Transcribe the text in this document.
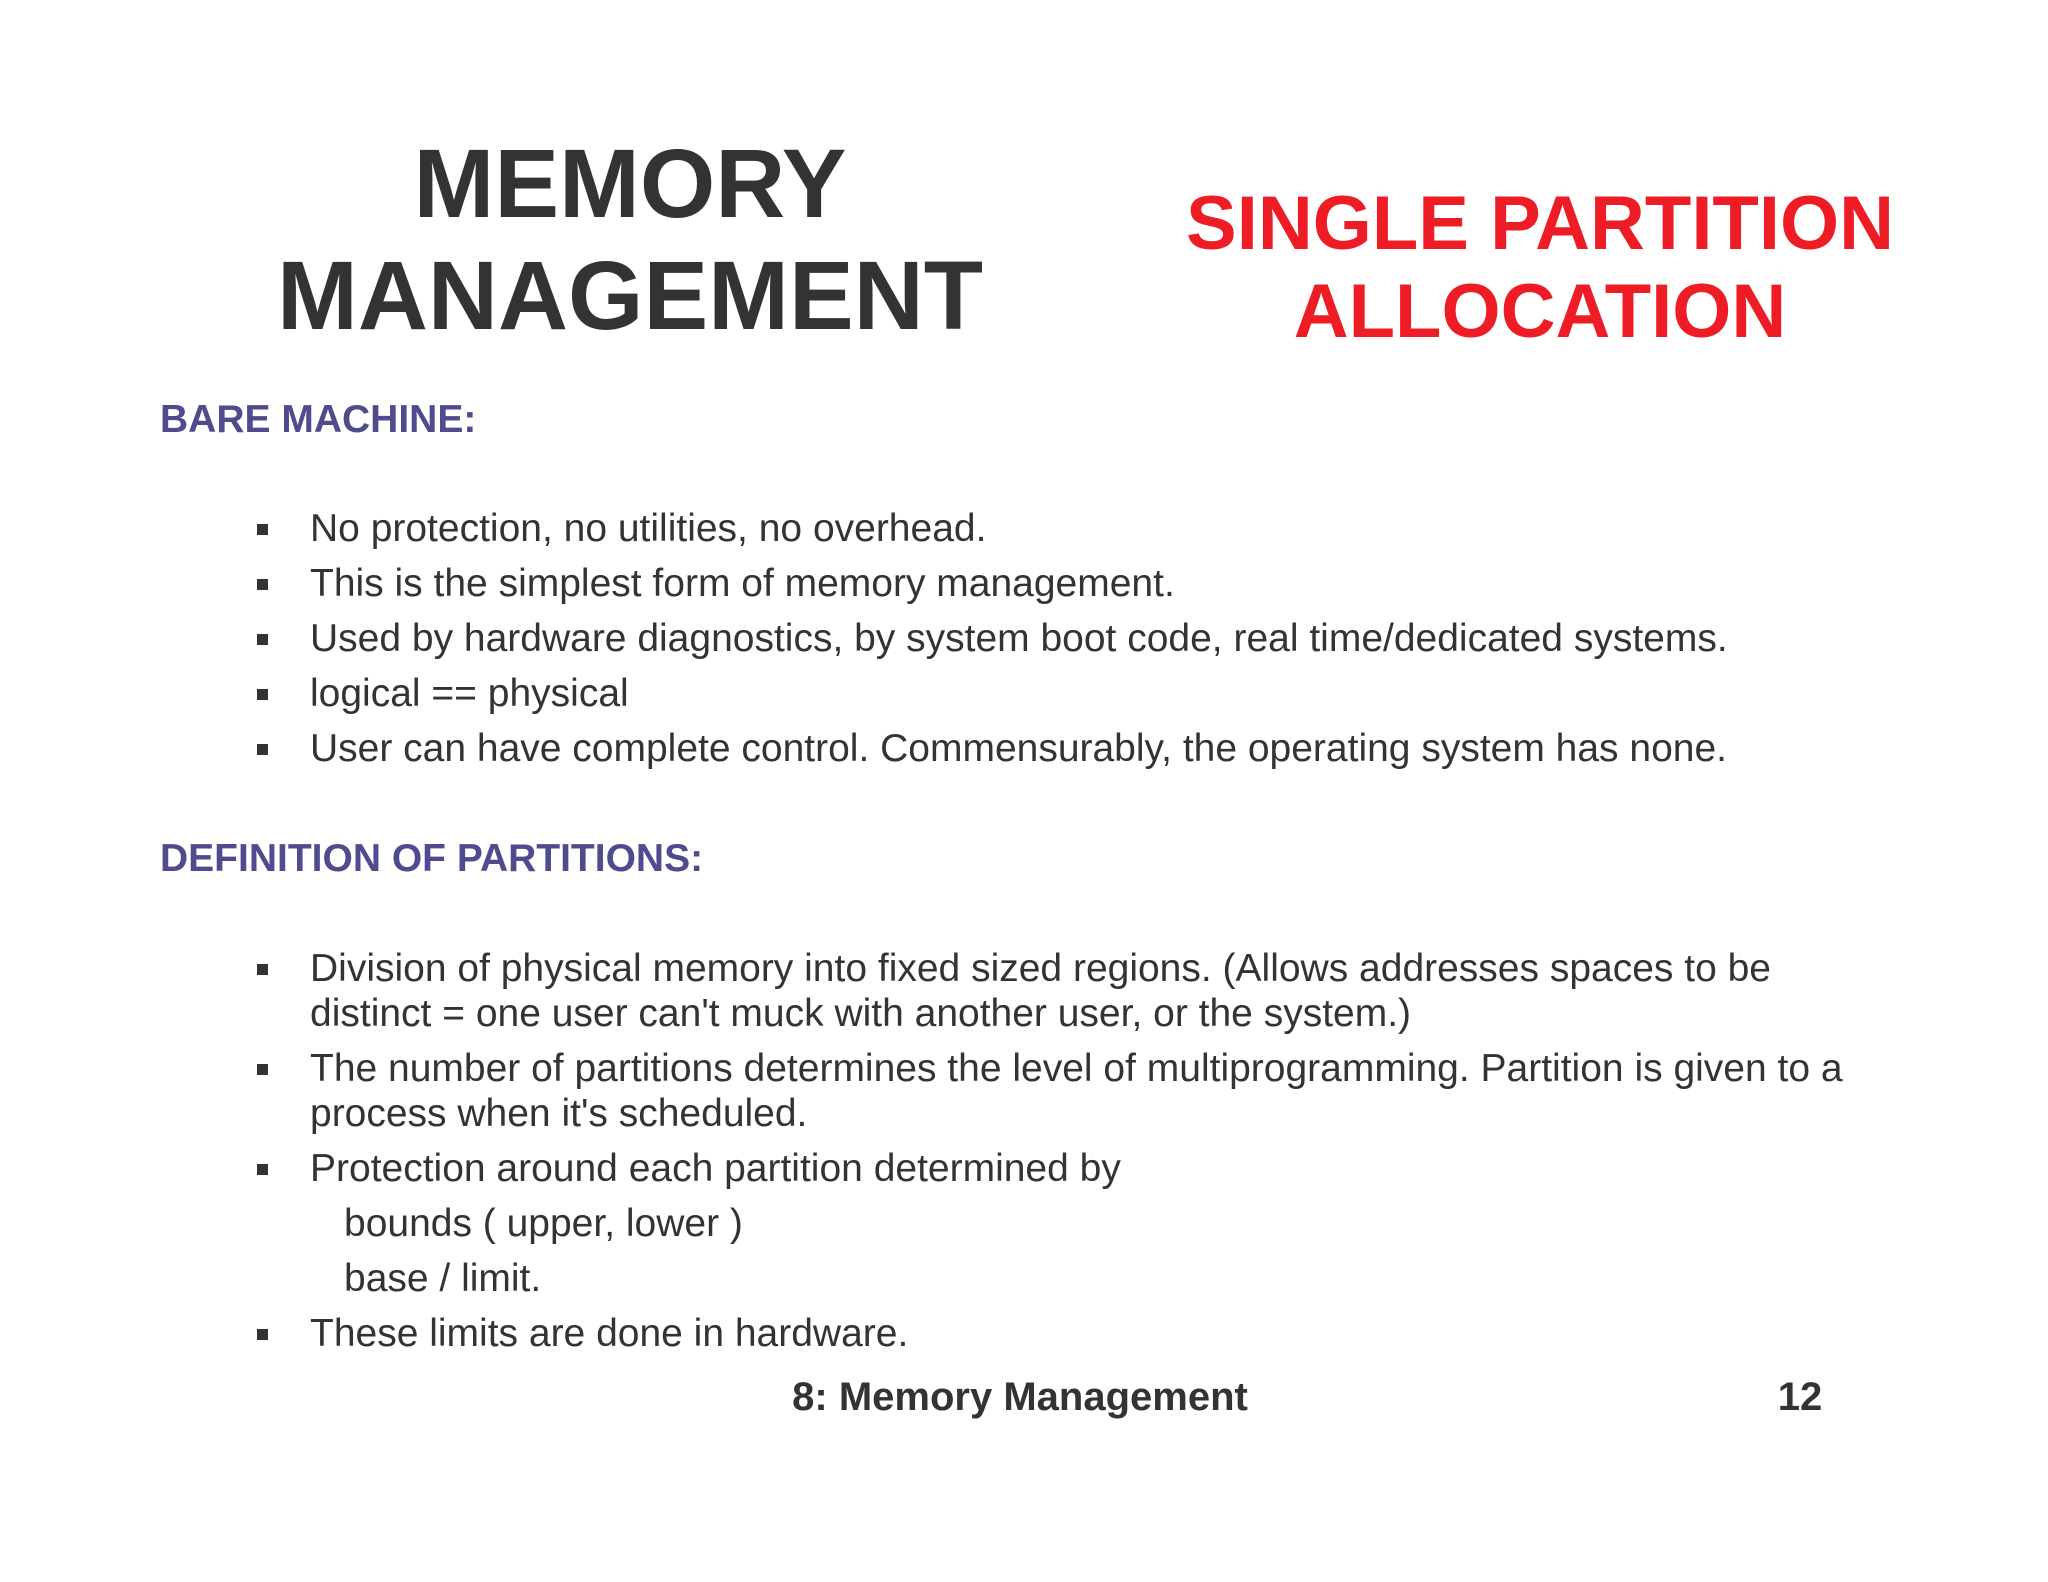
MEMORY
MANAGEMENT
SINGLE PARTITION
ALLOCATION
BARE MACHINE:
No protection, no utilities, no overhead.
This is the simplest form of memory management.
Used by hardware diagnostics, by system boot code, real time/dedicated systems.
logical == physical
User can have complete control. Commensurably, the operating system has none.
DEFINITION OF PARTITIONS:
Division of physical memory into fixed sized regions. (Allows addresses spaces to be distinct = one user can't muck with another user, or the system.)
The number of partitions determines the level of multiprogramming. Partition is given to a process when it's scheduled.
Protection around each partition determined by
bounds ( upper, lower )
base / limit.
These limits are done in hardware.
8: Memory Management	12
